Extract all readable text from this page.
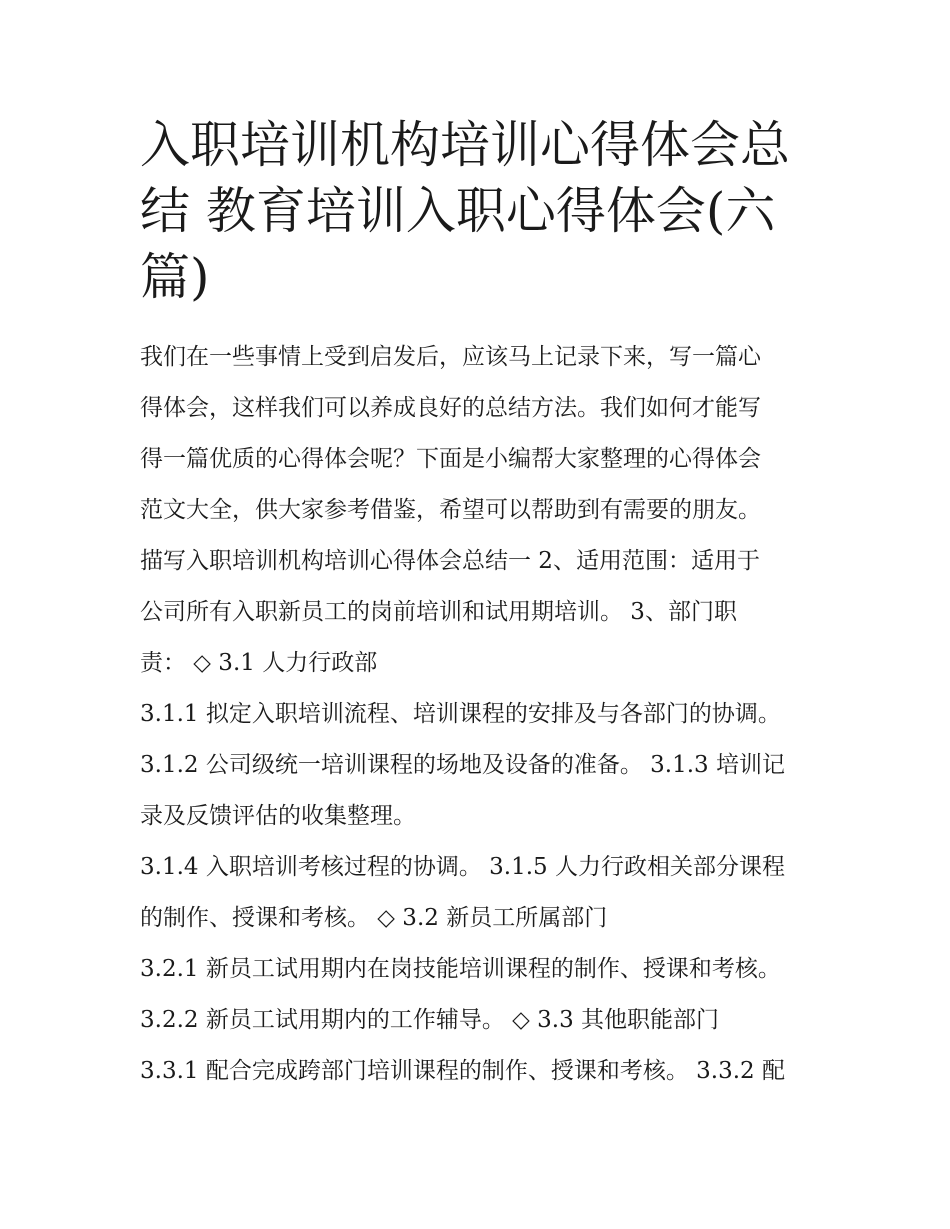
入职培训机构培训心得体会总
结 教育培训入职心得体会(六
篇)
我们在一些事情上受到启发后，应该马上记录下来，写一篇心
得体会，这样我们可以养成良好的总结方法。我们如何才能写
得一篇优质的心得体会呢？下面是小编帮大家整理的心得体会
范文大全，供大家参考借鉴，希望可以帮助到有需要的朋友。
描写入职培训机构培训心得体会总结一 2、适用范围：适用于
公司所有入职新员工的岗前培训和试用期培训。 3、部门职
责： ◇ 3.1 人力行政部
3.1.1 拟定入职培训流程、培训课程的安排及与各部门的协调。
3.1.2 公司级统一培训课程的场地及设备的准备。 3.1.3 培训记
录及反馈评估的收集整理。
3.1.4 入职培训考核过程的协调。 3.1.5 人力行政相关部分课程
的制作、授课和考核。 ◇ 3.2 新员工所属部门
3.2.1 新员工试用期内在岗技能培训课程的制作、授课和考核。
3.2.2 新员工试用期内的工作辅导。 ◇ 3.3 其他职能部门
3.3.1 配合完成跨部门培训课程的制作、授课和考核。 3.3.2 配
